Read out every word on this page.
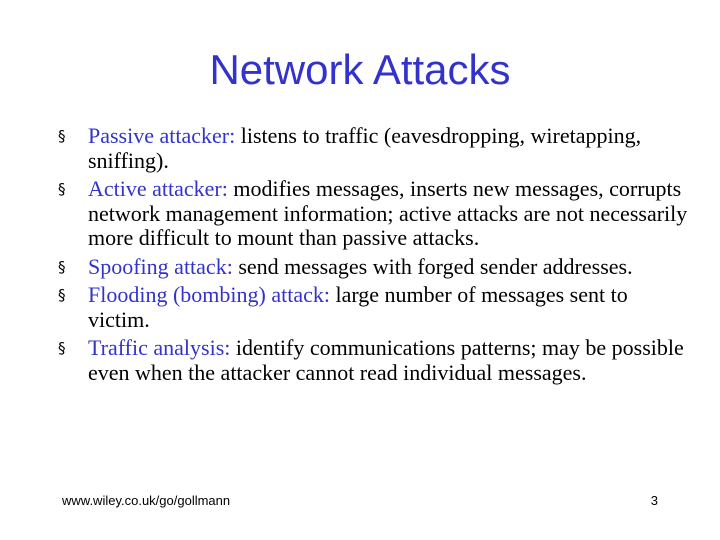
Network Attacks
§	Passive attacker: listens to traffic (eavesdropping, wiretapping, sniffing).
§	Active attacker: modifies messages, inserts new messages, corrupts network management information; active attacks are not necessarily more difficult to mount than passive attacks.
§	Spoofing attack: send messages with forged sender addresses.
§	Flooding (bombing) attack: large number of messages sent to victim.
§	Traffic analysis: identify communications patterns; may be possible even when the attacker cannot read individual messages.
www.wiley.co.uk/go/gollmann	3
